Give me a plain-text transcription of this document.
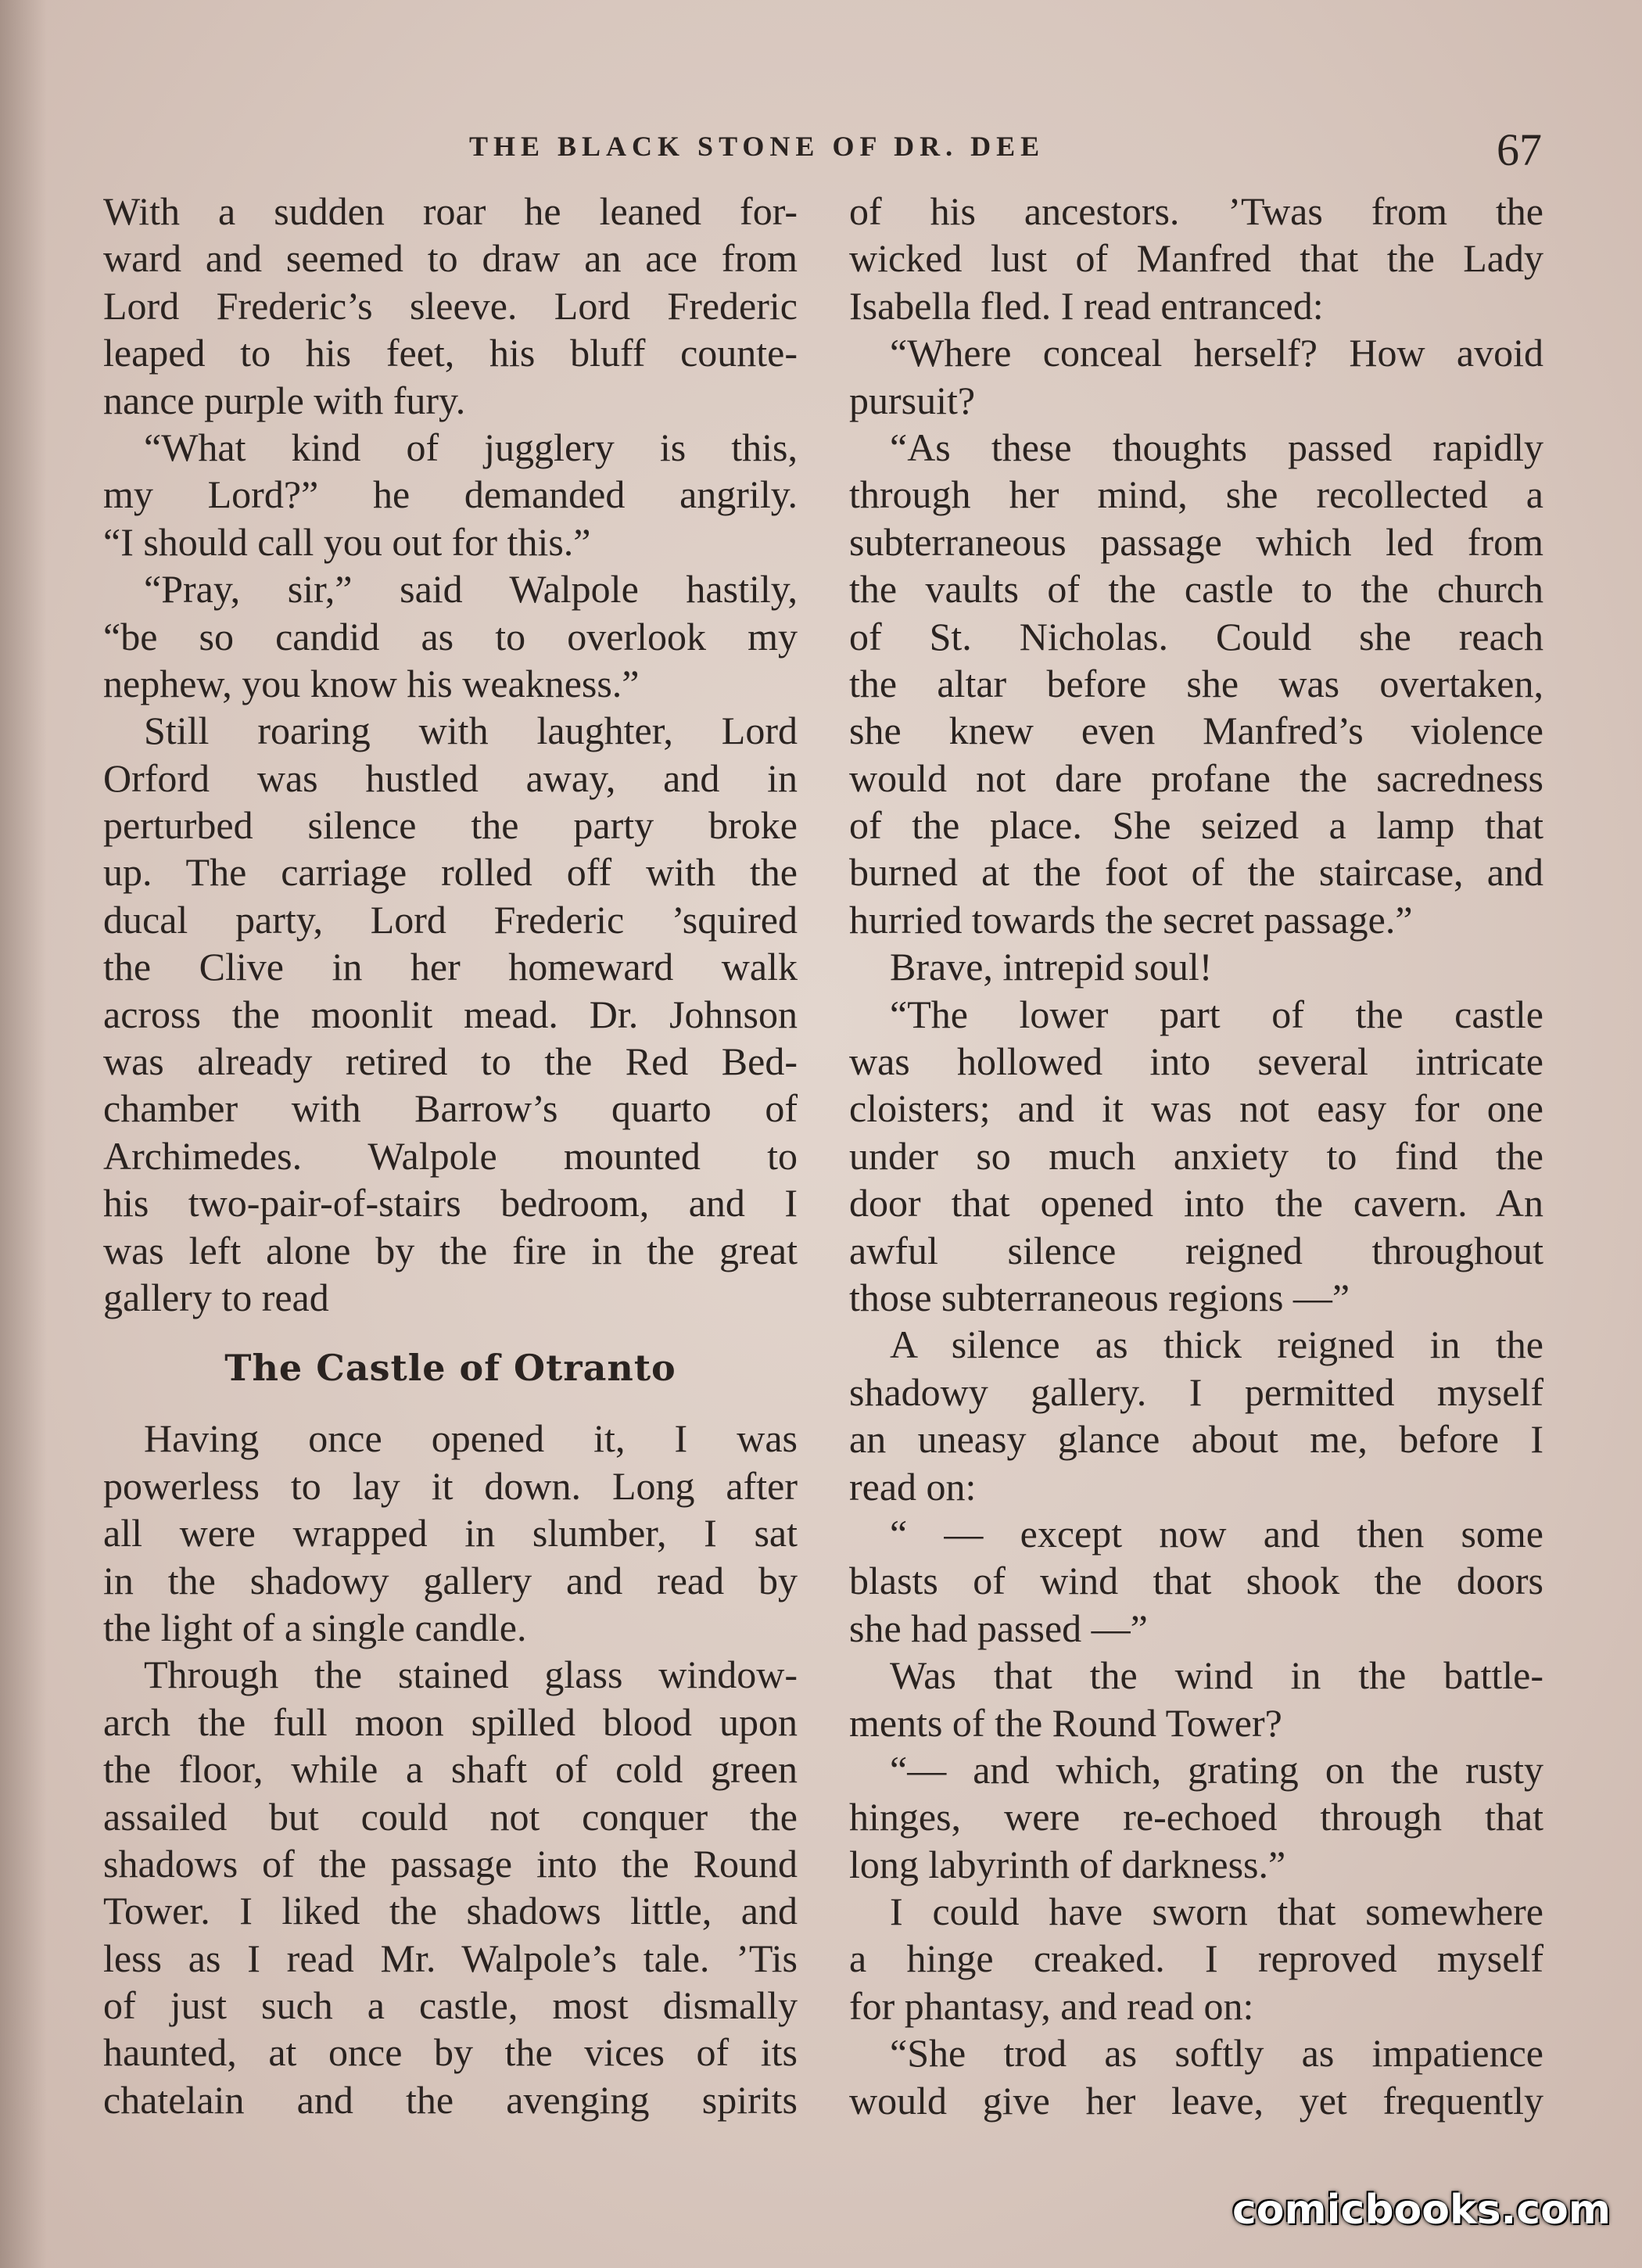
THE BLACK STONE OF DR. DEE	67
With a sudden roar he leaned for-
ward and seemed to draw an ace from
Lord Frederic’s sleeve. Lord Frederic
leaped to his feet, his bluff counte-
nance purple with fury.
“What kind of jugglery is this,
my Lord?” he demanded angrily.
“I should call you out for this.”
“Pray, sir,” said Walpole hastily,
“be so candid as to overlook my
nephew, you know his weakness.”
Still roaring with laughter, Lord
Orford was hustled away, and in
perturbed silence the party broke
up. The carriage rolled off with the
ducal party, Lord Frederic ’squired
the Clive in her homeward walk
across the moonlit mead. Dr. Johnson
was already retired to the Red Bed-
chamber with Barrow’s quarto of
Archimedes. Walpole mounted to
his two-pair-of-stairs bedroom, and I
was left alone by the fire in the great
gallery to read
The Castle of Otranto
Having once opened it, I was
powerless to lay it down. Long after
all were wrapped in slumber, I sat
in the shadowy gallery and read by
the light of a single candle.
Through the stained glass window-
arch the full moon spilled blood upon
the floor, while a shaft of cold green
assailed but could not conquer the
shadows of the passage into the Round
Tower. I liked the shadows little, and
less as I read Mr. Walpole’s tale. ’Tis
of just such a castle, most dismally
haunted, at once by the vices of its
chatelain and the avenging spirits
of his ancestors. ’Twas from the
wicked lust of Manfred that the Lady
Isabella fled. I read entranced:
“Where conceal herself? How avoid
pursuit?
“As these thoughts passed rapidly
through her mind, she recollected a
subterraneous passage which led from
the vaults of the castle to the church
of St. Nicholas. Could she reach
the altar before she was overtaken,
she knew even Manfred’s violence
would not dare profane the sacredness
of the place. She seized a lamp that
burned at the foot of the staircase, and
hurried towards the secret passage.”
Brave, intrepid soul!
“The lower part of the castle
was hollowed into several intricate
cloisters; and it was not easy for one
under so much anxiety to find the
door that opened into the cavern. An
awful silence reigned throughout
those subterraneous regions —”
A silence as thick reigned in the
shadowy gallery. I permitted myself
an uneasy glance about me, before I
read on:
“ — except now and then some
blasts of wind that shook the doors
she had passed —”
Was that the wind in the battle-
ments of the Round Tower?
“— and which, grating on the rusty
hinges, were re-echoed through that
long labyrinth of darkness.”
I could have sworn that somewhere
a hinge creaked. I reproved myself
for phantasy, and read on:
“She trod as softly as impatience
would give her leave, yet frequently
comicbooks.com
